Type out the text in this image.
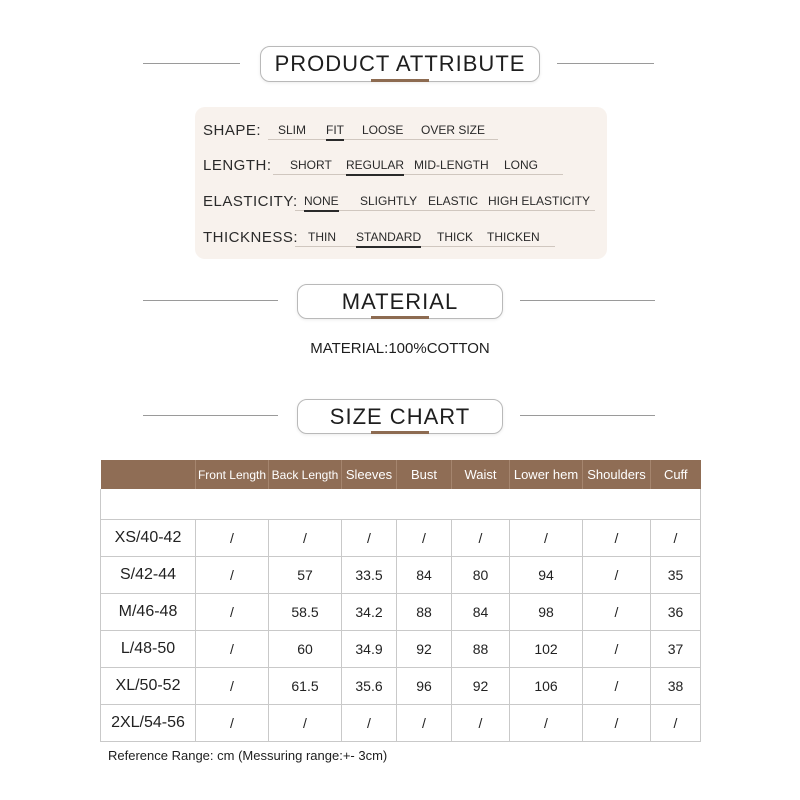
PRODUCT ATTRIBUTE
SHAPE: SLIM FIT LOOSE OVER SIZE
LENGTH: SHORT REGULAR MID-LENGTH LONG
ELASTICITY: NONE SLIGHTLY ELASTIC HIGH ELASTICITY
THICKNESS: THIN STANDARD THICK THICKEN
MATERIAL
MATERIAL:100%COTTON
SIZE CHART
	Front Length	Back Length	Sleeves	Bust	Waist	Lower hem	Shoulders	Cuff

XS/40-42	/	/	/	/	/	/	/	/
S/42-44	/	57	33.5	84	80	94	/	35
M/46-48	/	58.5	34.2	88	84	98	/	36
L/48-50	/	60	34.9	92	88	102	/	37
XL/50-52	/	61.5	35.6	96	92	106	/	38
2XL/54-56	/	/	/	/	/	/	/	/
Reference Range: cm (Messuring range:+- 3cm)
